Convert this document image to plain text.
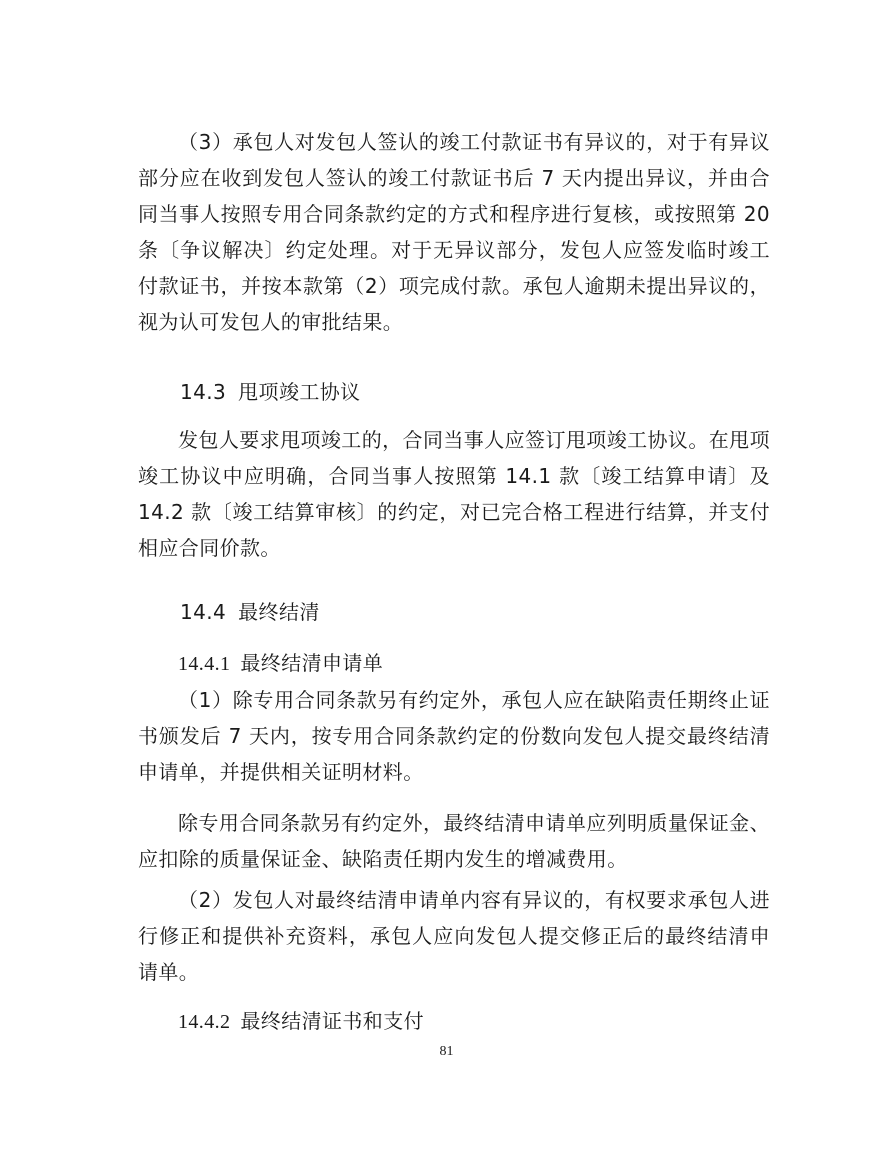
（3）承包人对发包人签认的竣工付款证书有异议的，对于有异议部分应在收到发包人签认的竣工付款证书后 7 天内提出异议，并由合同当事人按照专用合同条款约定的方式和程序进行复核，或按照第 20 条〔争议解决〕约定处理。对于无异议部分，发包人应签发临时竣工付款证书，并按本款第（2）项完成付款。承包人逾期未提出异议的，视为认可发包人的审批结果。

14.3 甩项竣工协议

发包人要求甩项竣工的，合同当事人应签订甩项竣工协议。在甩项竣工协议中应明确，合同当事人按照第 14.1 款〔竣工结算申请〕及 14.2 款〔竣工结算审核〕的约定，对已完合格工程进行结算，并支付相应合同价款。

14.4 最终结清
14.4.1 最终结清申请单

（1）除专用合同条款另有约定外，承包人应在缺陷责任期终止证书颁发后 7 天内，按专用合同条款约定的份数向发包人提交最终结清申请单，并提供相关证明材料。

除专用合同条款另有约定外，最终结清申请单应列明质量保证金、应扣除的质量保证金、缺陷责任期内发生的增减费用。

（2）发包人对最终结清申请单内容有异议的，有权要求承包人进行修正和提供补充资料，承包人应向发包人提交修正后的最终结清申请单。

14.4.2 最终结清证书和支付
81
